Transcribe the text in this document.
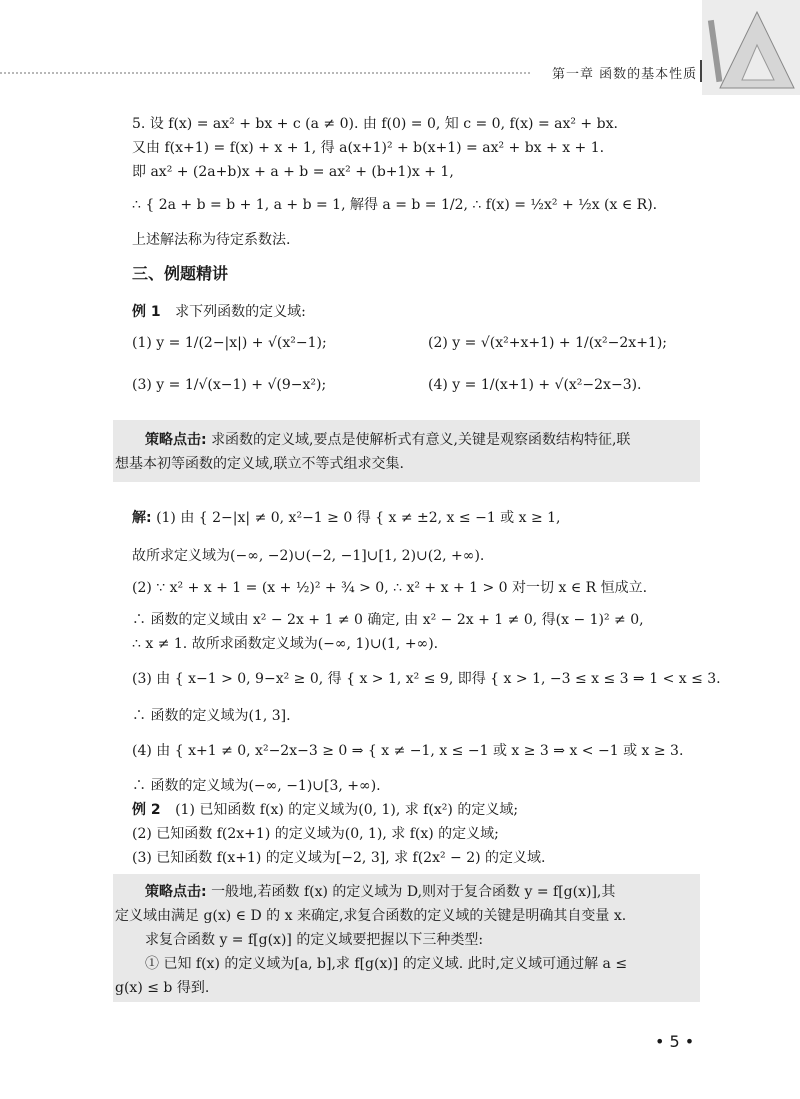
第一章 函数的基本性质
5. 设 f(x) = ax² + bx + c (a ≠ 0). 由 f(0) = 0, 知 c = 0, f(x) = ax² + bx.
又由 f(x+1) = f(x) + x + 1, 得 a(x+1)² + b(x+1) = ax² + bx + x + 1.
即 ax² + (2a+b)x + a + b = ax² + (b+1)x + 1,
∴ { 2a + b = b + 1, a + b = 1, 解得 a = b = 1/2, ∴ f(x) = ½x² + ½x (x ∈ R).
上述解法称为待定系数法.
三、例题精讲
例 1 求下列函数的定义域:
(1) y = 1/(2−|x|) + √(x²−1);	(2) y = √(x²+x+1) + 1/(x²−2x+1);
(3) y = 1/√(x−1) + √(9−x²);	(4) y = 1/(x+1) + √(x²−2x−3).
策略点击: 求函数的定义域,要点是使解析式有意义,关键是观察函数结构特征,联
想基本初等函数的定义域,联立不等式组求交集.
解: (1) 由 { 2−|x| ≠ 0, x²−1 ≥ 0 得 { x ≠ ±2, x ≤ −1 或 x ≥ 1,
故所求定义域为(−∞, −2)∪(−2, −1]∪[1, 2)∪(2, +∞).
(2) ∵ x² + x + 1 = (x + ½)² + ¾ > 0, ∴ x² + x + 1 > 0 对一切 x ∈ R 恒成立.
∴ 函数的定义域由 x² − 2x + 1 ≠ 0 确定, 由 x² − 2x + 1 ≠ 0, 得(x − 1)² ≠ 0,
∴ x ≠ 1. 故所求函数定义域为(−∞, 1)∪(1, +∞).
(3) 由 { x−1 > 0, 9−x² ≥ 0, 得 { x > 1, x² ≤ 9, 即得 { x > 1, −3 ≤ x ≤ 3 ⇒ 1 < x ≤ 3.
∴ 函数的定义域为(1, 3].
(4) 由 { x+1 ≠ 0, x²−2x−3 ≥ 0 ⇒ { x ≠ −1, x ≤ −1 或 x ≥ 3 ⇒ x < −1 或 x ≥ 3.
∴ 函数的定义域为(−∞, −1)∪[3, +∞).
例 2 (1) 已知函数 f(x) 的定义域为(0, 1), 求 f(x²) 的定义域;
(2) 已知函数 f(2x+1) 的定义域为(0, 1), 求 f(x) 的定义域;
(3) 已知函数 f(x+1) 的定义域为[−2, 3], 求 f(2x² − 2) 的定义域.
策略点击: 一般地,若函数 f(x) 的定义域为 D,则对于复合函数 y = f[g(x)],其
定义域由满足 g(x) ∈ D 的 x 来确定,求复合函数的定义域的关键是明确其自变量 x.
求复合函数 y = f[g(x)] 的定义域要把握以下三种类型:
① 已知 f(x) 的定义域为[a, b],求 f[g(x)] 的定义域. 此时,定义域可通过解 a ≤
g(x) ≤ b 得到.
• 5 •
